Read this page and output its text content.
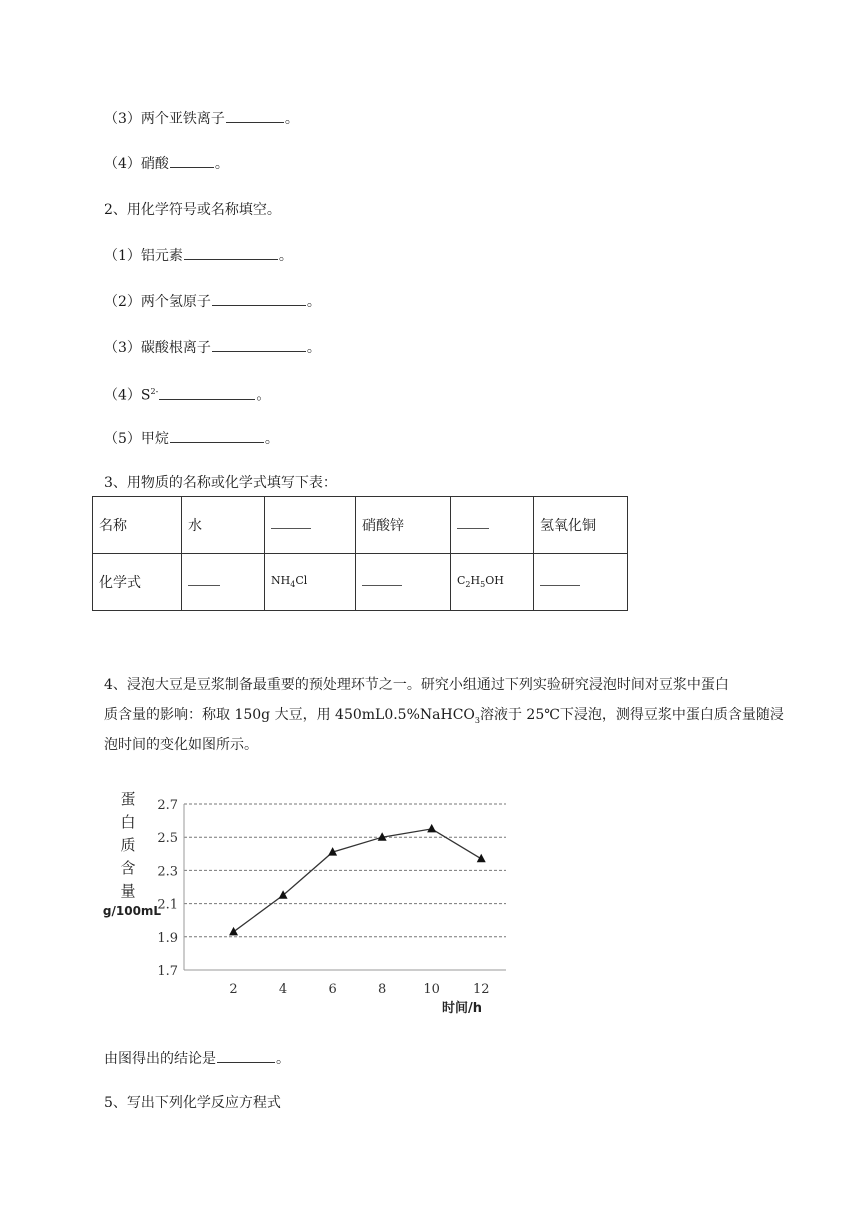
（3）两个亚铁离子	。
（4）硝酸	。
2、用化学符号或名称填空。
（1）铝元素	。
（2）两个氢原子	。
（3）碳酸根离子	。
$(4)S^{2-}$	。
（5）甲烷	。
3、用物质的名称或化学式填写下表：
名称	水		硝酸锌		氢氧化铜
化学式		$NH_4Cl$		$C_2H_5OH$	
4、浸泡大豆是豆浆制备最重要的预处理环节之一。研究小组通过下列实验研究浸泡时间对豆浆中蛋白
质含量的影响：称取 150g 大豆，用 450mL0.5%NaHCO$_3$溶液于 25℃下浸泡，测得豆浆中蛋白质含量随浸
泡时间的变化如图所示。
蛋
白
质
含
量
g/100mL
1.7
1.9
2.1
2.3
2.5
2.7
2	4	6	8	10	12
时间/h
由图得出的结论是	。
5、写出下列化学反应方程式
